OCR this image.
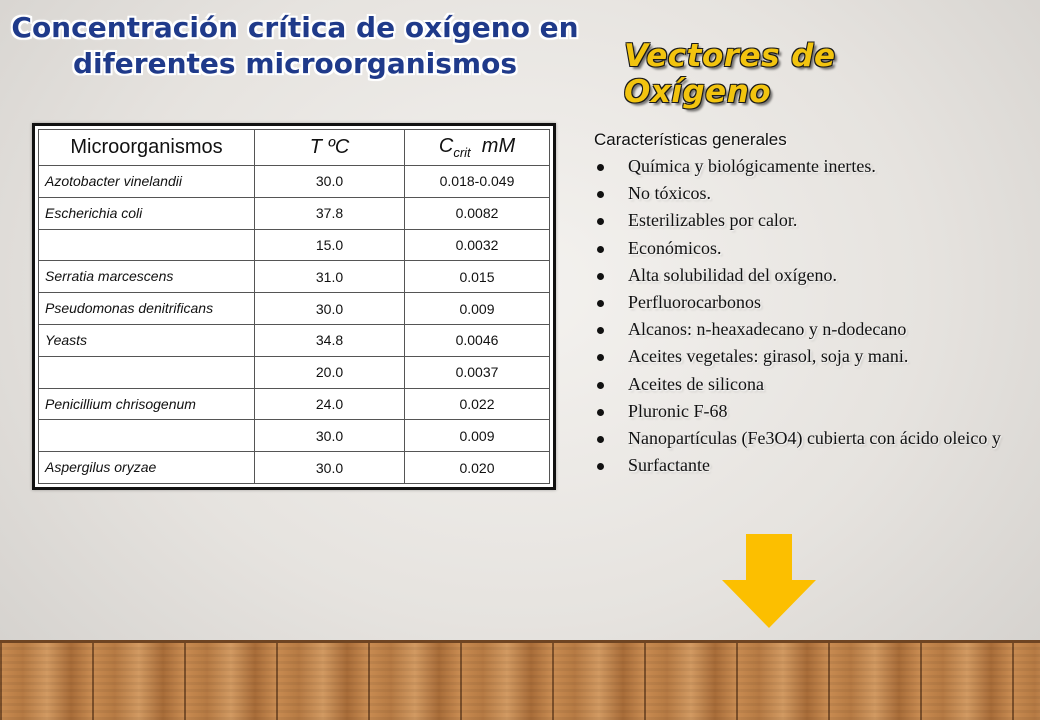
Concentración crítica de oxígeno en
diferentes microorganismos	Vectores de Oxígeno
Microorganismos	T ºC	$C_{crit}$ mM
Azotobacter vinelandii	30.0	0.018-0.049
Escherichia coli	37.8	0.0082
	15.0	0.0032
Serratia marcescens	31.0	0.015
Pseudomonas denitrificans	30.0	0.009
Yeasts	34.8	0.0046
	20.0	0.0037
Penicillium chrisogenum	24.0	0.022
	30.0	0.009
Aspergilus oryzae	30.0	0.020
Características generales
Química y biológicamente inertes.
No tóxicos.
Esterilizables por calor.
Económicos.
Alta solubilidad del oxígeno.
Perfluorocarbonos
Alcanos: n-heaxadecano y n-dodecano
Aceites vegetales: girasol, soja y mani.
Aceites de silicona
Pluronic F-68
Nanopartículas (Fe3O4) cubierta con ácido oleico y
Surfactante
